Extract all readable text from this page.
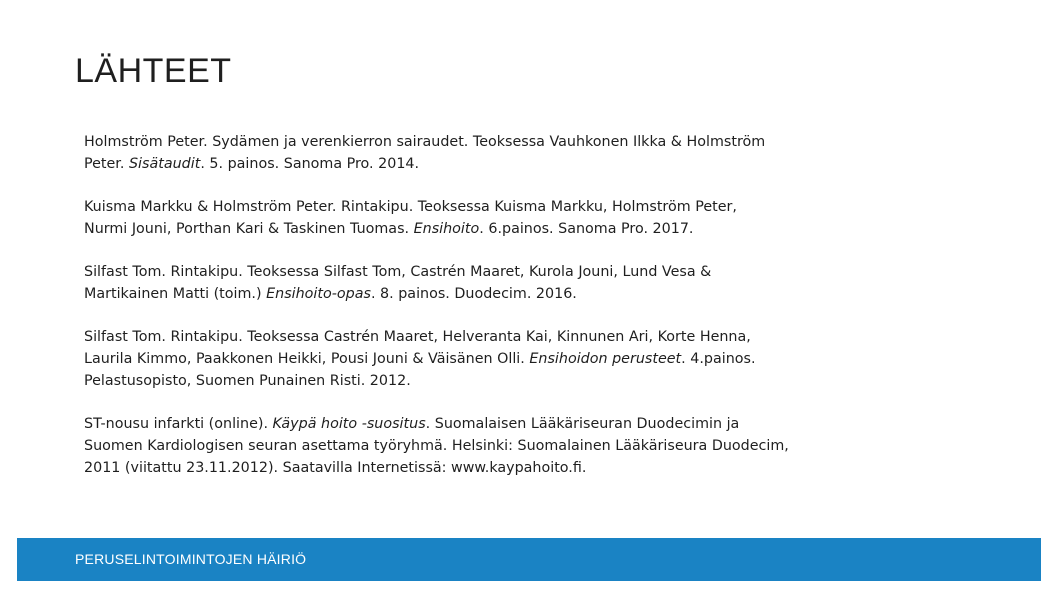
LÄHTEET

Holmström Peter. Sydämen ja verenkierron sairaudet. Teoksessa Vauhkonen Ilkka & Holmström
Peter. Sisätaudit. 5. painos. Sanoma Pro. 2014.

Kuisma Markku & Holmström Peter. Rintakipu. Teoksessa Kuisma Markku, Holmström Peter,
Nurmi Jouni, Porthan Kari & Taskinen Tuomas. Ensihoito. 6.painos. Sanoma Pro. 2017.

Silfast Tom. Rintakipu. Teoksessa Silfast Tom, Castrén Maaret, Kurola Jouni, Lund Vesa &
Martikainen Matti (toim.) Ensihoito-opas. 8. painos. Duodecim. 2016.

Silfast Tom. Rintakipu. Teoksessa Castrén Maaret, Helveranta Kai, Kinnunen Ari, Korte Henna,
Laurila Kimmo, Paakkonen Heikki, Pousi Jouni & Väisänen Olli. Ensihoidon perusteet. 4.painos.
Pelastusopisto, Suomen Punainen Risti. 2012.

ST-nousu infarkti (online). Käypä hoito -suositus. Suomalaisen Lääkäriseuran Duodecimin ja
Suomen Kardiologisen seuran asettama työryhmä. Helsinki: Suomalainen Lääkäriseura Duodecim,
2011 (viitattu 23.11.2012). Saatavilla Internetissä: www.kaypahoito.fi.

PERUSELINTOIMINTOJEN HÄIRIÖ
